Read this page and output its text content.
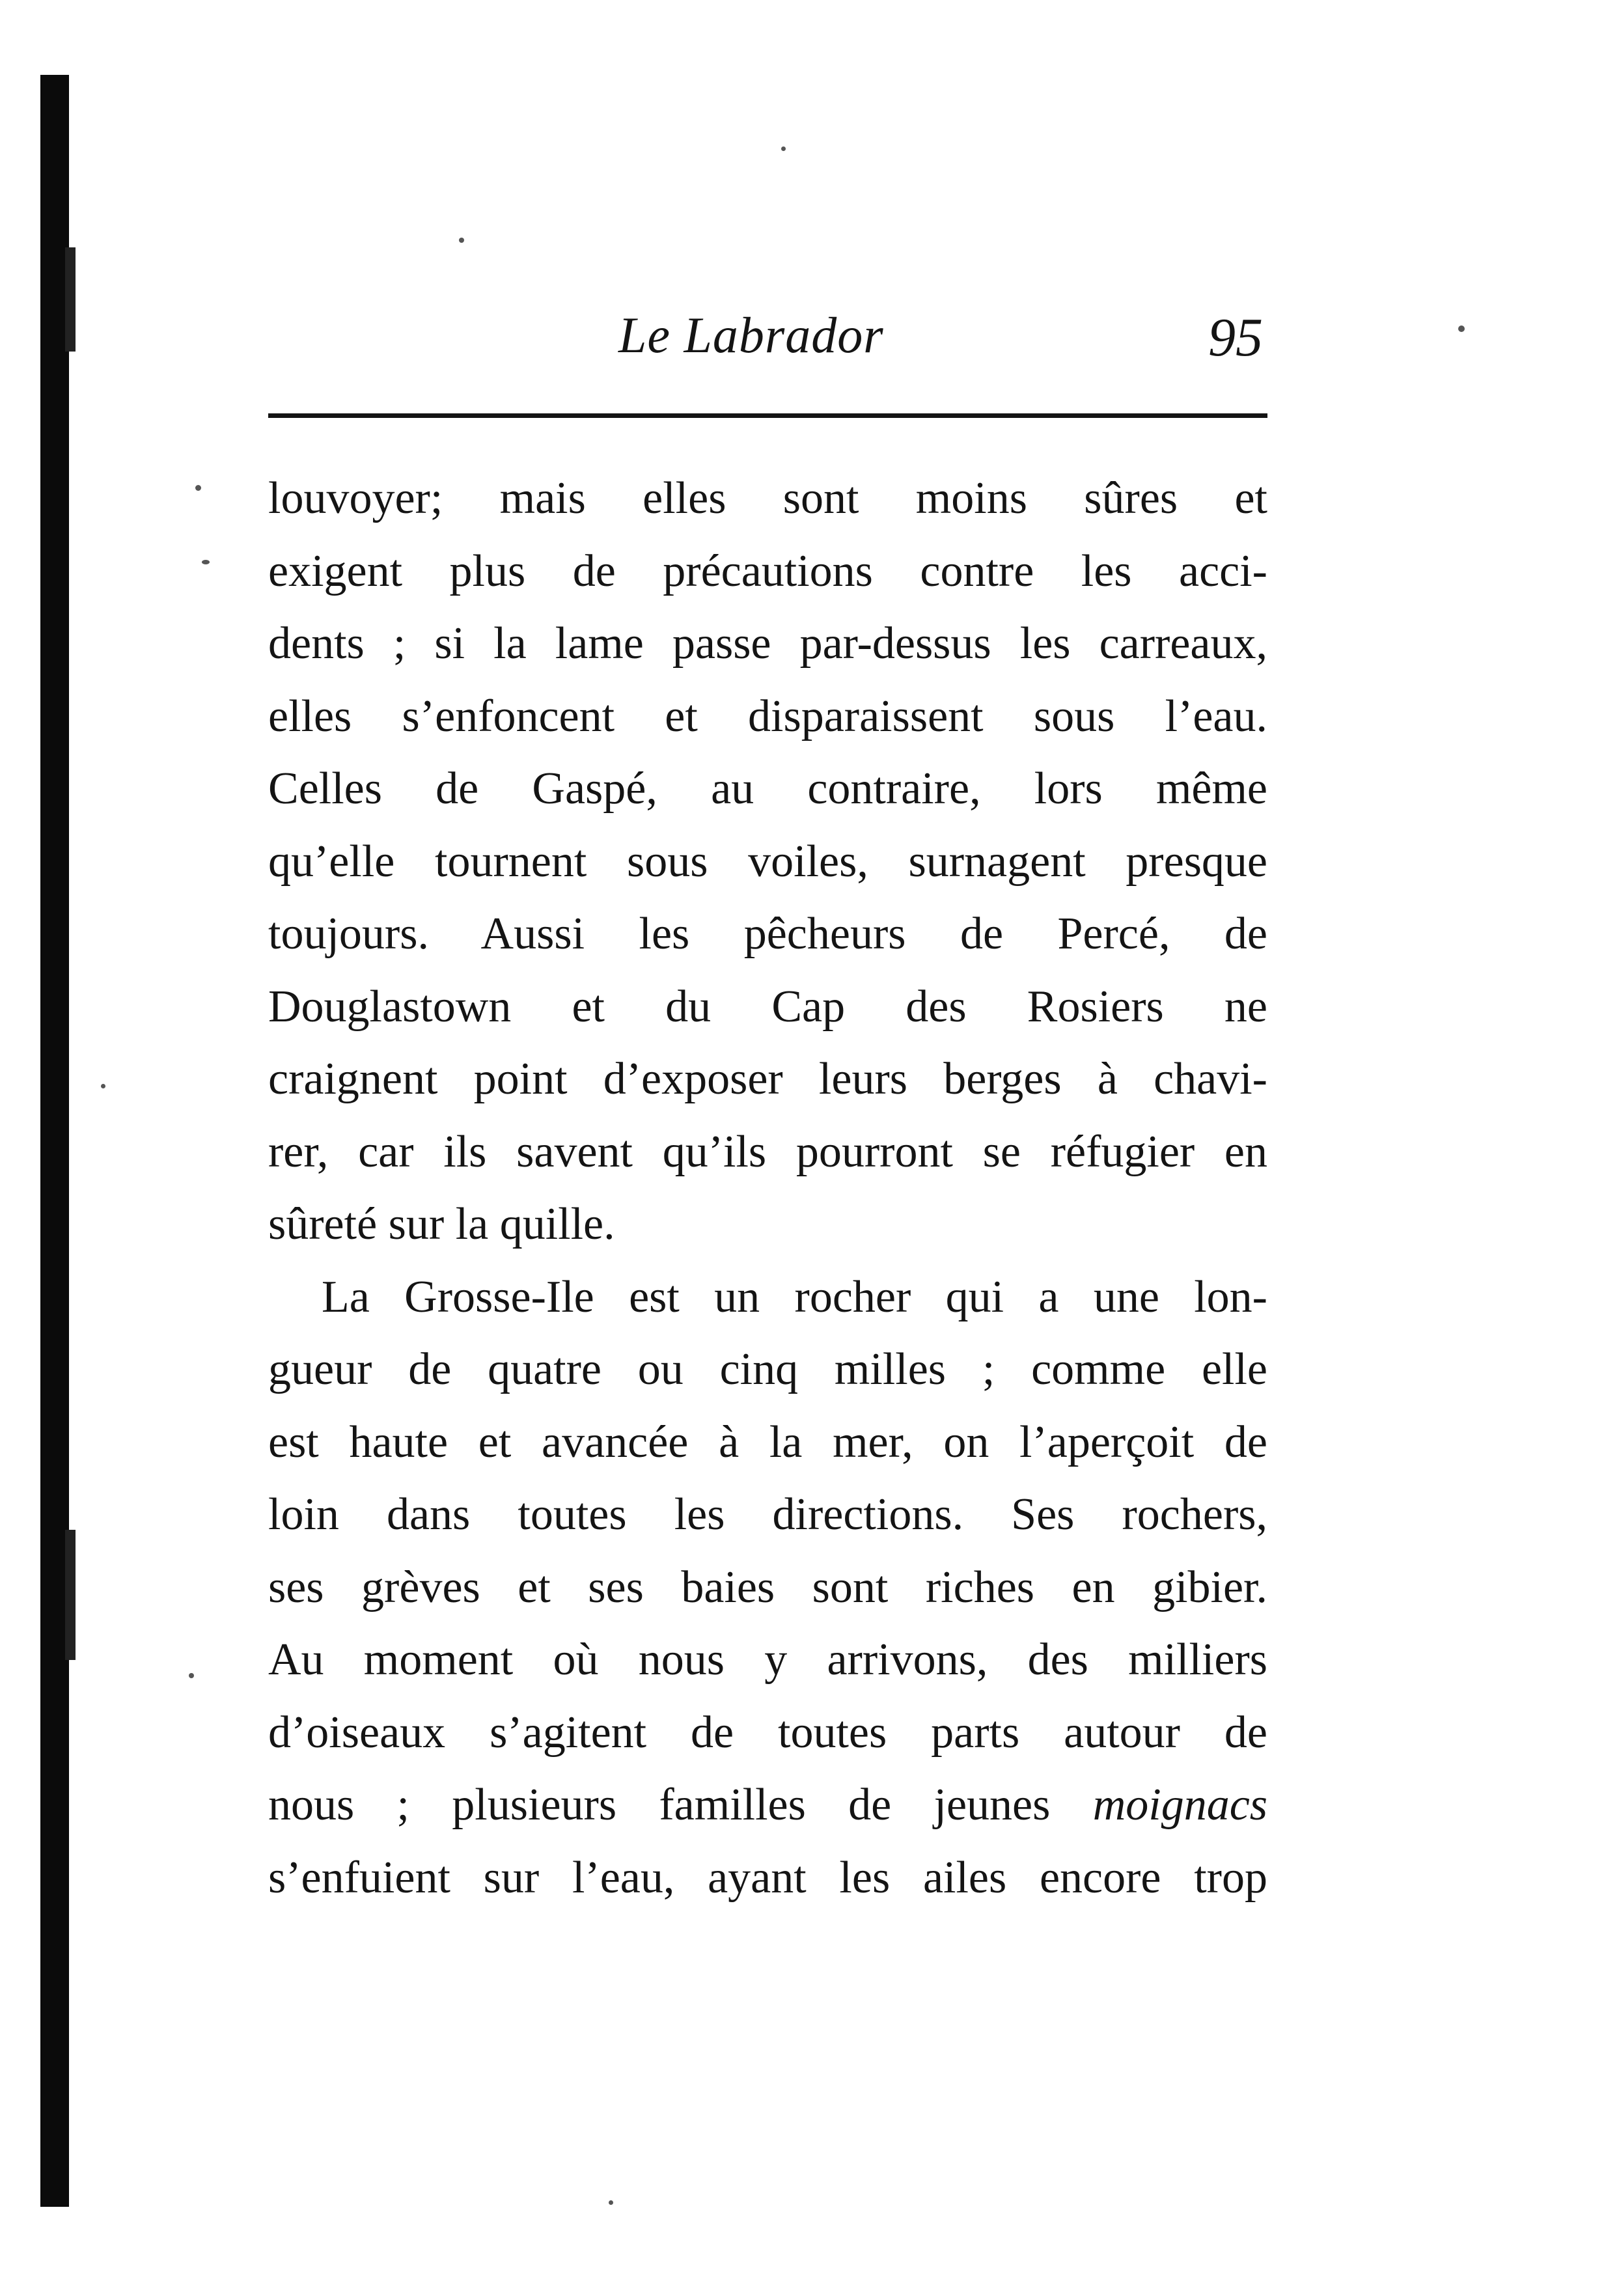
Le Labrador	95
louvoyer; mais elles sont moins sûres et
exigent plus de précautions contre les acci-
dents ; si la lame passe par-dessus les carreaux,
elles s’enfoncent et disparaissent sous l’eau.
Celles de Gaspé, au contraire, lors même
qu’elle tournent sous voiles, surnagent presque
toujours. Aussi les pêcheurs de Percé, de
Douglastown et du Cap des Rosiers ne
craignent point d’exposer leurs berges à chavi-
rer, car ils savent qu’ils pourront se réfugier en
sûreté sur la quille.
La Grosse-Ile est un rocher qui a une lon-
gueur de quatre ou cinq milles ; comme elle
est haute et avancée à la mer, on l’aperçoit de
loin dans toutes les directions. Ses rochers,
ses grèves et ses baies sont riches en gibier.
Au moment où nous y arrivons, des milliers
d’oiseaux s’agitent de toutes parts autour de
nous ; plusieurs familles de jeunes moignacs
s’enfuient sur l’eau, ayant les ailes encore trop
